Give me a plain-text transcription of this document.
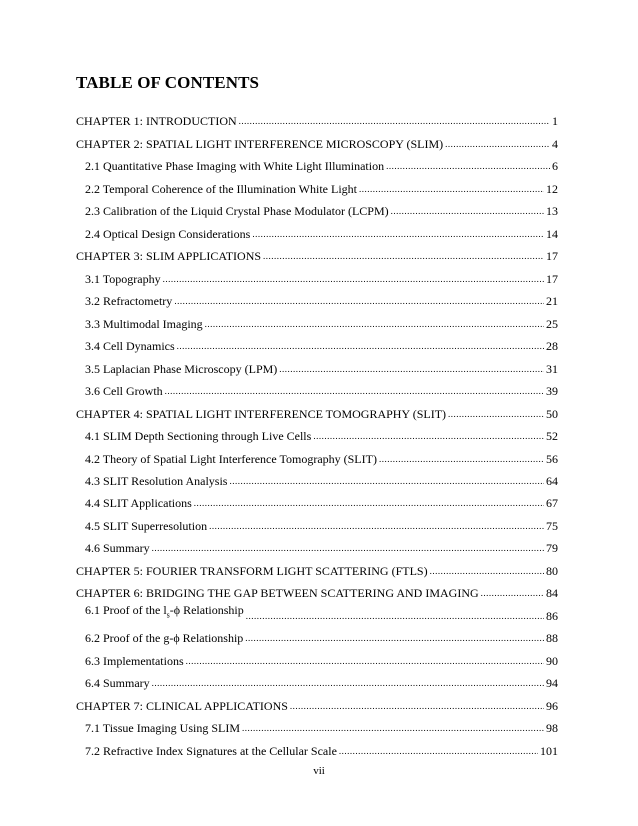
TABLE OF CONTENTS
CHAPTER 1: INTRODUCTION .....	1
CHAPTER 2: SPATIAL LIGHT INTERFERENCE MICROSCOPY (SLIM) .....	4
2.1 Quantitative Phase Imaging with White Light Illumination .....	6
2.2 Temporal Coherence of the Illumination White Light .....	12
2.3 Calibration of the Liquid Crystal Phase Modulator (LCPM) .....	13
2.4 Optical Design Considerations .....	14
CHAPTER 3: SLIM APPLICATIONS .....	17
3.1 Topography .....	17
3.2 Refractometry .....	21
3.3 Multimodal Imaging .....	25
3.4 Cell Dynamics .....	28
3.5 Laplacian Phase Microscopy (LPM) .....	31
3.6 Cell Growth .....	39
CHAPTER 4: SPATIAL LIGHT INTERFERENCE TOMOGRAPHY (SLIT) .....	50
4.1 SLIM Depth Sectioning through Live Cells .....	52
4.2 Theory of Spatial Light Interference Tomography (SLIT) .....	56
4.3 SLIT Resolution Analysis .....	64
4.4 SLIT Applications .....	67
4.5 SLIT Superresolution .....	75
4.6 Summary .....	79
CHAPTER 5: FOURIER TRANSFORM LIGHT SCATTERING (FTLS) .....	80
CHAPTER 6: BRIDGING THE GAP BETWEEN SCATTERING AND IMAGING .....	84
6.1 Proof of the $l_s-\phi$ Relationship .....	86
6.2 Proof of the g-ϕ Relationship .....	88
6.3 Implementations .....	90
6.4 Summary .....	94
CHAPTER 7: CLINICAL APPLICATIONS .....	96
7.1 Tissue Imaging Using SLIM .....	98
7.2 Refractive Index Signatures at the Cellular Scale .....	101
vii
